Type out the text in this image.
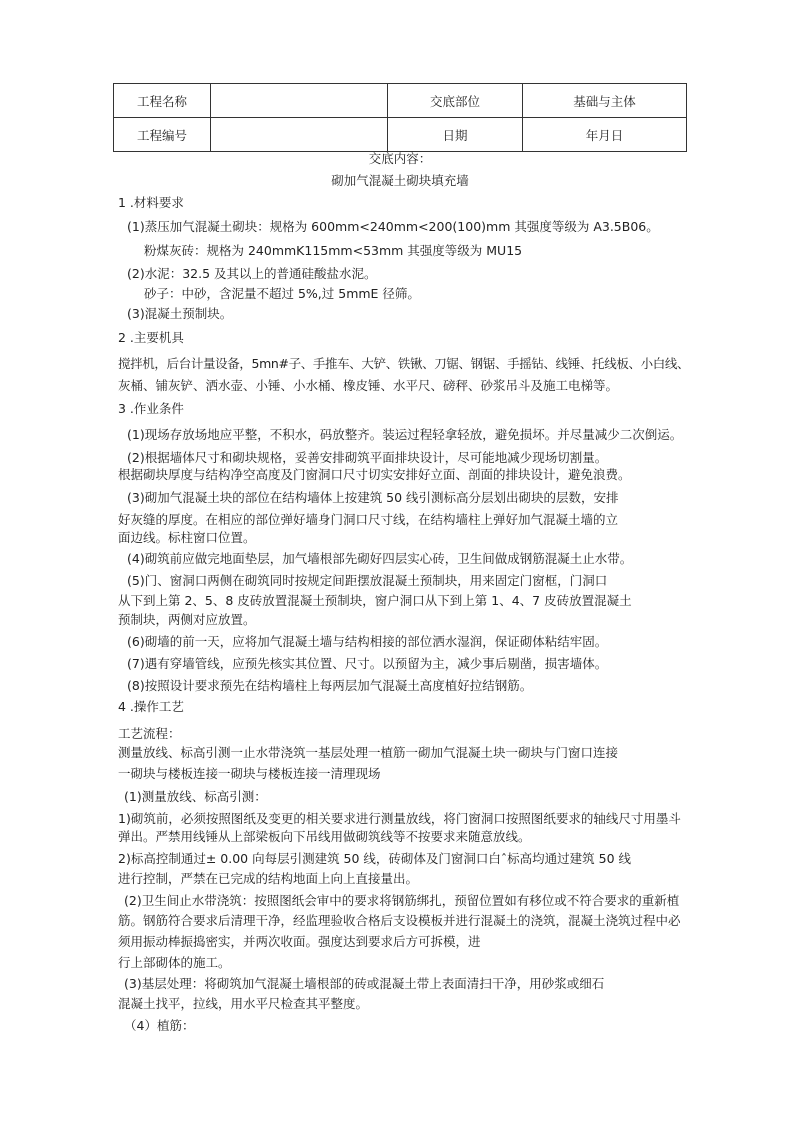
工程名称		交底部位	基础与主体
工程编号		日期	年月日
交底内容：
砌加气混凝土砌块填充墙
1 .材料要求
(1)蒸压加气混凝土砌块：规格为 600mm<240mm<200(100)mm 其强度等级为 A3.5B06。
粉煤灰砖：规格为 240mmK115mm<53mm 其强度等级为 MU15
(2)水泥：32.5 及其以上的普通硅酸盐水泥。
砂子：中砂，含泥量不超过 5%,过 5mmE 径筛。
(3)混凝土预制块。
2 .主要机具
搅拌机，后台计量设备，5mn#子、手推车、大铲、铁锹、刀锯、钢锯、手摇钻、线锤、托线板、小白线、
灰桶、铺灰铲、洒水壶、小锤、小水桶、橡皮锤、水平尺、磅秤、砂浆吊斗及施工电梯等。
3 .作业条件
(1)现场存放场地应平整，不积水，码放整齐。装运过程轻拿轻放，避免损坏。并尽量减少二次倒运。
(2)根据墙体尺寸和砌块规格，妥善安排砌筑平面排块设计，尽可能地减少现场切割量。
根据砌块厚度与结构净空高度及门窗洞口尺寸切实安排好立面、剖面的排块设计，避免浪费。
(3)砌加气混凝土块的部位在结构墙体上按建筑 50 线引测标高分层划出砌块的层数，安排
好灰缝的厚度。在相应的部位弹好墙身门洞口尺寸线，在结构墙柱上弹好加气混凝土墙的立
面边线。标柱窗口位置。
(4)砌筑前应做完地面垫层，加气墙根部先砌好四层实心砖，卫生间做成钢筋混凝土止水带。
(5)门、窗洞口两侧在砌筑同时按规定间距摆放混凝土预制块，用来固定门窗框，门洞口
从下到上第 2、5、8 皮砖放置混凝土预制块，窗户洞口从下到上第 1、4、7 皮砖放置混凝土
预制块，两侧对应放置。
(6)砌墙的前一天，应将加气混凝土墙与结构相接的部位洒水湿润，保证砌体粘结牢固。
(7)遇有穿墙管线，应预先核实其位置、尺寸。以预留为主，减少事后剔凿，损害墙体。
(8)按照设计要求预先在结构墙柱上每两层加气混凝土高度植好拉结钢筋。
4 .操作工艺
工艺流程：
测量放线、标高引测一止水带浇筑一基层处理一植筋一砌加气混凝土块一砌块与门窗口连接
一砌块与楼板连接一砌块与楼板连接一清理现场
(1)测量放线、标高引测：
1)砌筑前，必须按照图纸及变更的相关要求进行测量放线，将门窗洞口按照图纸要求的轴线尺寸用墨斗
弹出。严禁用线锤从上部梁板向下吊线用做砌筑线等不按要求来随意放线。
2)标高控制通过± 0.00 向每层引测建筑 50 线，砖砌体及门窗洞口白ˆ标高均通过建筑 50 线
进行控制，严禁在已完成的结构地面上向上直接量出。
(2)卫生间止水带浇筑：按照图纸会审中的要求将钢筋绑扎，预留位置如有移位或不符合要求的重新植
筋。钢筋符合要求后清理干净，经监理验收合格后支设模板并进行混凝土的浇筑，混凝土浇筑过程中必
须用振动棒振捣密实，并两次收面。强度达到要求后方可拆模，进
行上部砌体的施工。
(3)基层处理：将砌筑加气混凝土墙根部的砖或混凝土带上表面清扫干净，用砂浆或细石
混凝土找平，拉线，用水平尺检查其平整度。
（4）植筋：
